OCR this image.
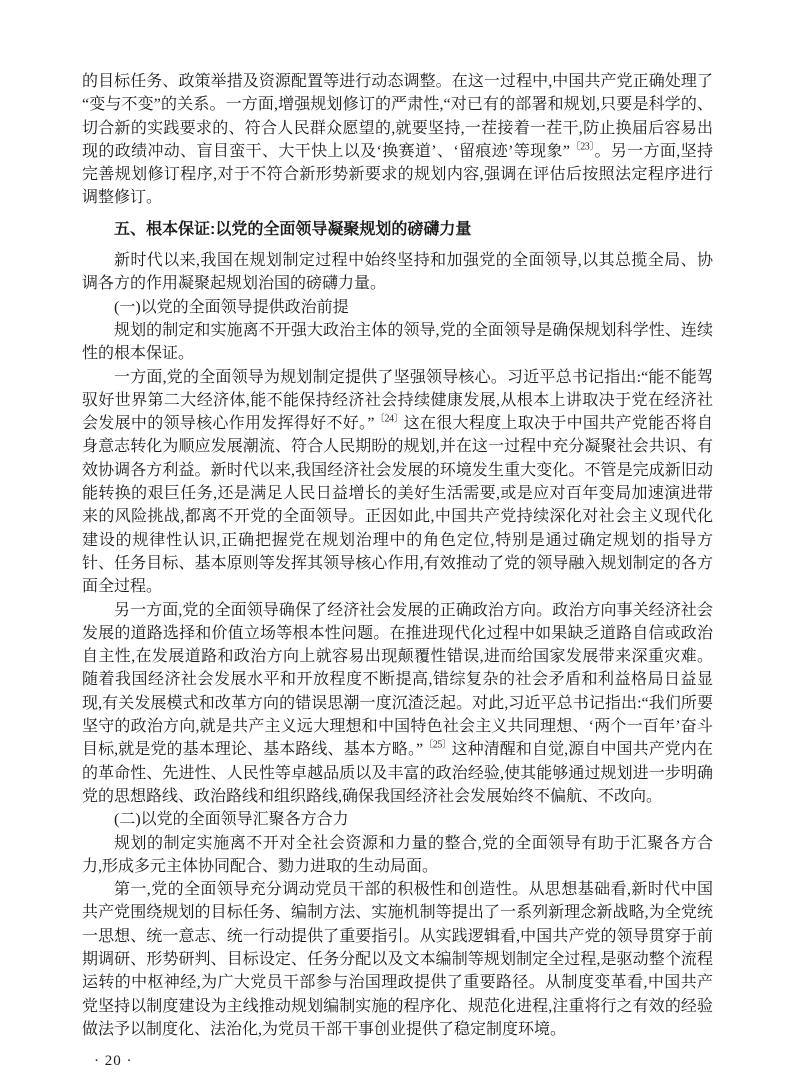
的目标任务、政策举措及资源配置等进行动态调整。在这一过程中,中国共产党正确处理了“变与不变”的关系。一方面,增强规划修订的严肃性,“对已有的部署和规划,只要是科学的、切合新的实践要求的、符合人民群众愿望的,就要坚持,一茬接着一茬干,防止换届后容易出现的政绩冲动、盲目蛮干、大干快上以及‘换赛道’、‘留痕迹’等现象”$^{〔23〕}$。另一方面,坚持完善规划修订程序,对于不符合新形势新要求的规划内容,强调在评估后按照法定程序进行调整修订。

五、根本保证:以党的全面领导凝聚规划的磅礴力量

新时代以来,我国在规划制定过程中始终坚持和加强党的全面领导,以其总揽全局、协调各方的作用凝聚起规划治国的磅礴力量。

(一)以党的全面领导提供政治前提

规划的制定和实施离不开强大政治主体的领导,党的全面领导是确保规划科学性、连续性的根本保证。

一方面,党的全面领导为规划制定提供了坚强领导核心。习近平总书记指出:“能不能驾驭好世界第二大经济体,能不能保持经济社会持续健康发展,从根本上讲取决于党在经济社会发展中的领导核心作用发挥得好不好。”$^{〔24〕}$这在很大程度上取决于中国共产党能否将自身意志转化为顺应发展潮流、符合人民期盼的规划,并在这一过程中充分凝聚社会共识、有效协调各方利益。新时代以来,我国经济社会发展的环境发生重大变化。不管是完成新旧动能转换的艰巨任务,还是满足人民日益增长的美好生活需要,或是应对百年变局加速演进带来的风险挑战,都离不开党的全面领导。正因如此,中国共产党持续深化对社会主义现代化建设的规律性认识,正确把握党在规划治理中的角色定位,特别是通过确定规划的指导方针、任务目标、基本原则等发挥其领导核心作用,有效推动了党的领导融入规划制定的各方面全过程。

另一方面,党的全面领导确保了经济社会发展的正确政治方向。政治方向事关经济社会发展的道路选择和价值立场等根本性问题。在推进现代化过程中如果缺乏道路自信或政治自主性,在发展道路和政治方向上就容易出现颠覆性错误,进而给国家发展带来深重灾难。随着我国经济社会发展水平和开放程度不断提高,错综复杂的社会矛盾和利益格局日益显现,有关发展模式和改革方向的错误思潮一度沉渣泛起。对此,习近平总书记指出:“我们所要坚守的政治方向,就是共产主义远大理想和中国特色社会主义共同理想、‘两个一百年’奋斗目标,就是党的基本理论、基本路线、基本方略。”$^{〔25〕}$这种清醒和自觉,源自中国共产党内在的革命性、先进性、人民性等卓越品质以及丰富的政治经验,使其能够通过规划进一步明确党的思想路线、政治路线和组织路线,确保我国经济社会发展始终不偏航、不改向。

(二)以党的全面领导汇聚各方合力

规划的制定实施离不开对全社会资源和力量的整合,党的全面领导有助于汇聚各方合力,形成多元主体协同配合、勠力进取的生动局面。

第一,党的全面领导充分调动党员干部的积极性和创造性。从思想基础看,新时代中国共产党围绕规划的目标任务、编制方法、实施机制等提出了一系列新理念新战略,为全党统一思想、统一意志、统一行动提供了重要指引。从实践逻辑看,中国共产党的领导贯穿于前期调研、形势研判、目标设定、任务分配以及文本编制等规划制定全过程,是驱动整个流程运转的中枢神经,为广大党员干部参与治国理政提供了重要路径。从制度变革看,中国共产党坚持以制度建设为主线推动规划编制实施的程序化、规范化进程,注重将行之有效的经验做法予以制度化、法治化,为党员干部干事创业提供了稳定制度环境。

· 20 ·
